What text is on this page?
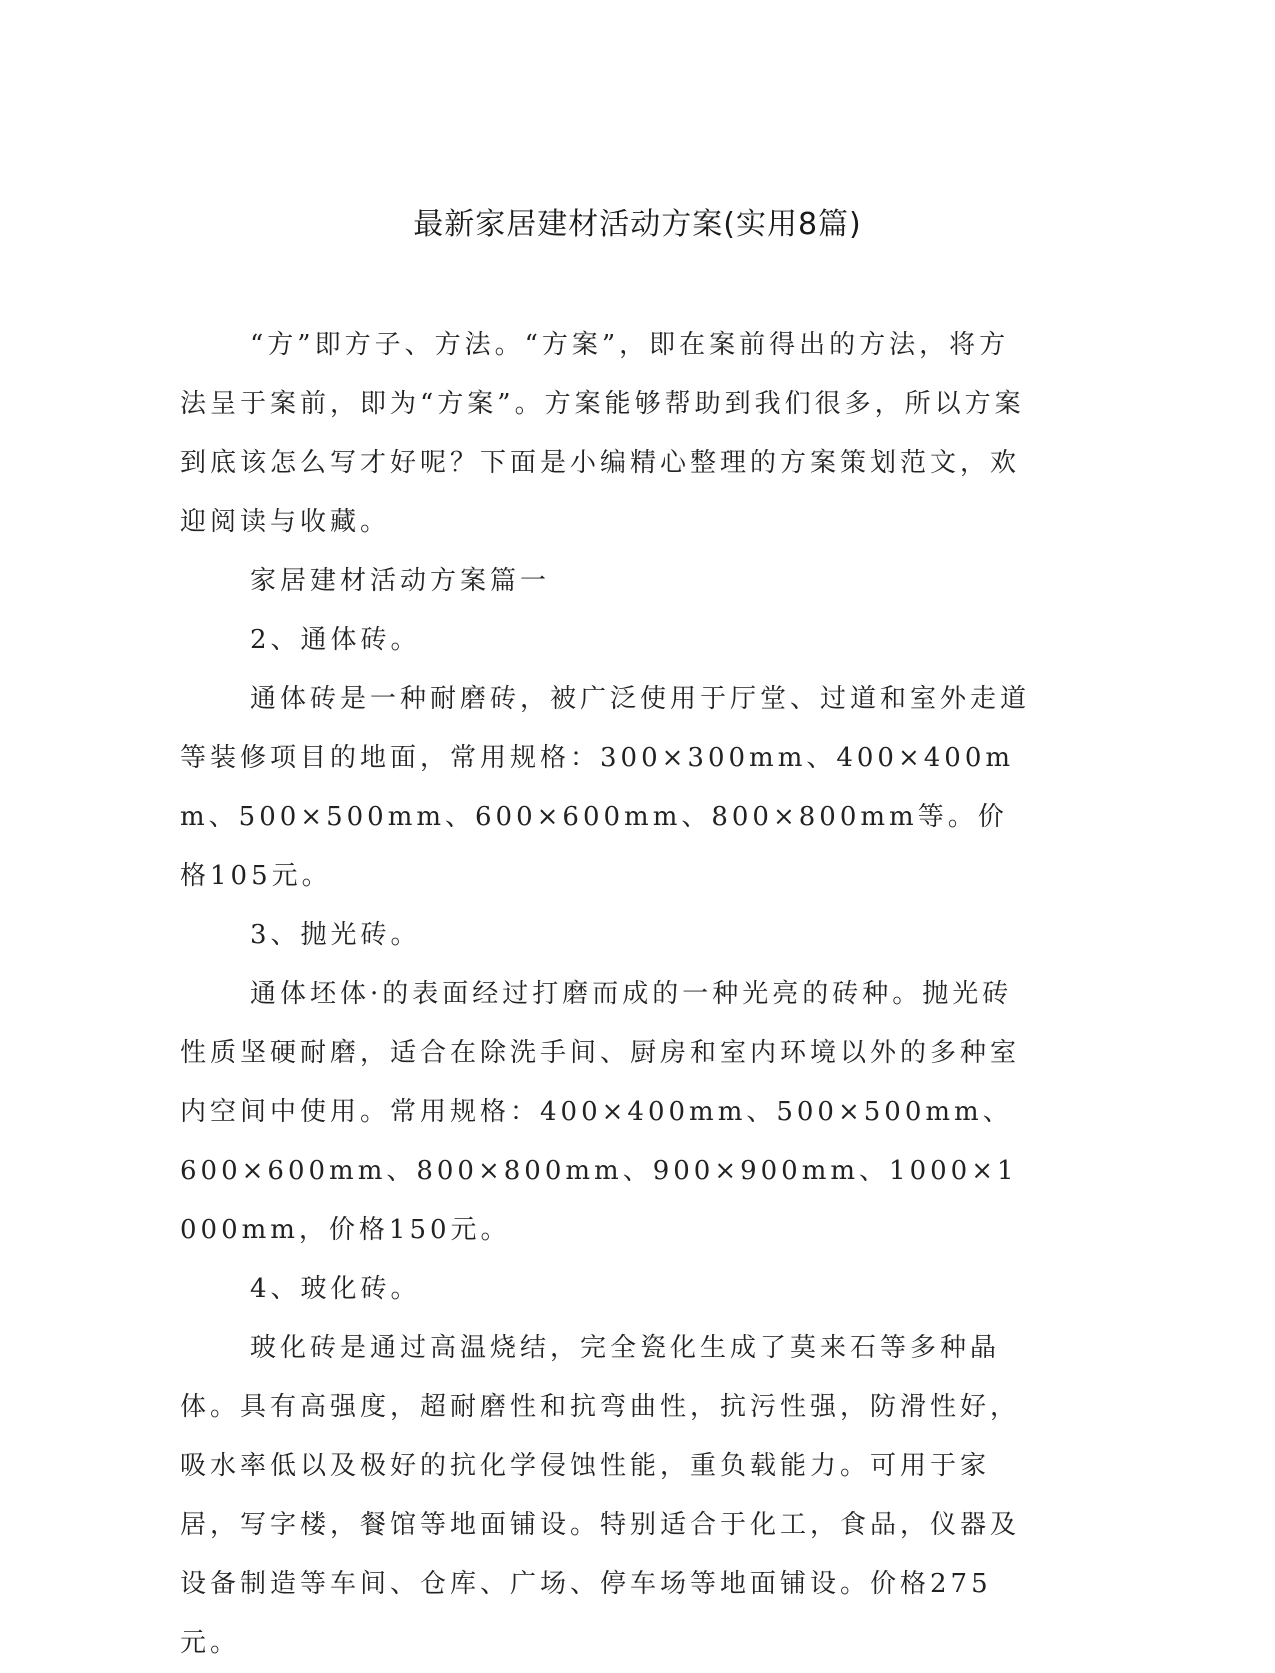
最新家居建材活动方案(实用8篇)

“方”即方子、方法。“方案”，即在案前得出的方法，将方法呈于案前，即为“方案”。方案能够帮助到我们很多，所以方案到底该怎么写才好呢？下面是小编精心整理的方案策划范文，欢迎阅读与收藏。

家居建材活动方案篇一

2、通体砖。

通体砖是一种耐磨砖，被广泛使用于厅堂、过道和室外走道等装修项目的地面，常用规格：300×300mm、400×400mm、500×500mm、600×600mm、800×800mm等。价格105元。

3、抛光砖。

通体坯体·的表面经过打磨而成的一种光亮的砖种。抛光砖性质坚硬耐磨，适合在除洗手间、厨房和室内环境以外的多种室内空间中使用。常用规格：400×400mm、500×500mm、600×600mm、800×800mm、900×900mm、1000×1000mm，价格150元。

4、玻化砖。

玻化砖是通过高温烧结，完全瓷化生成了莫来石等多种晶体。具有高强度，超耐磨性和抗弯曲性，抗污性强，防滑性好，吸水率低以及极好的抗化学侵蚀性能，重负载能力。可用于家居，写字楼，餐馆等地面铺设。特别适合于化工，食品，仪器及设备制造等车间、仓库、广场、停车场等地面铺设。价格275元。
